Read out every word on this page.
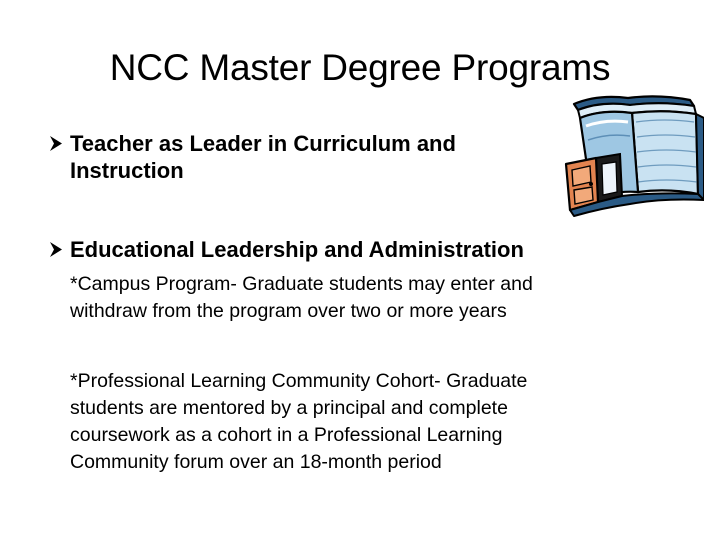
NCC Master Degree Programs
Teacher as Leader in Curriculum and
Instruction
Educational Leadership and Administration
*Campus Program- Graduate students may enter and
withdraw from the program over two or more years
*Professional Learning Community Cohort- Graduate
students are mentored by a principal and complete
coursework as a cohort in a Professional Learning
Community forum over an 18-month period
